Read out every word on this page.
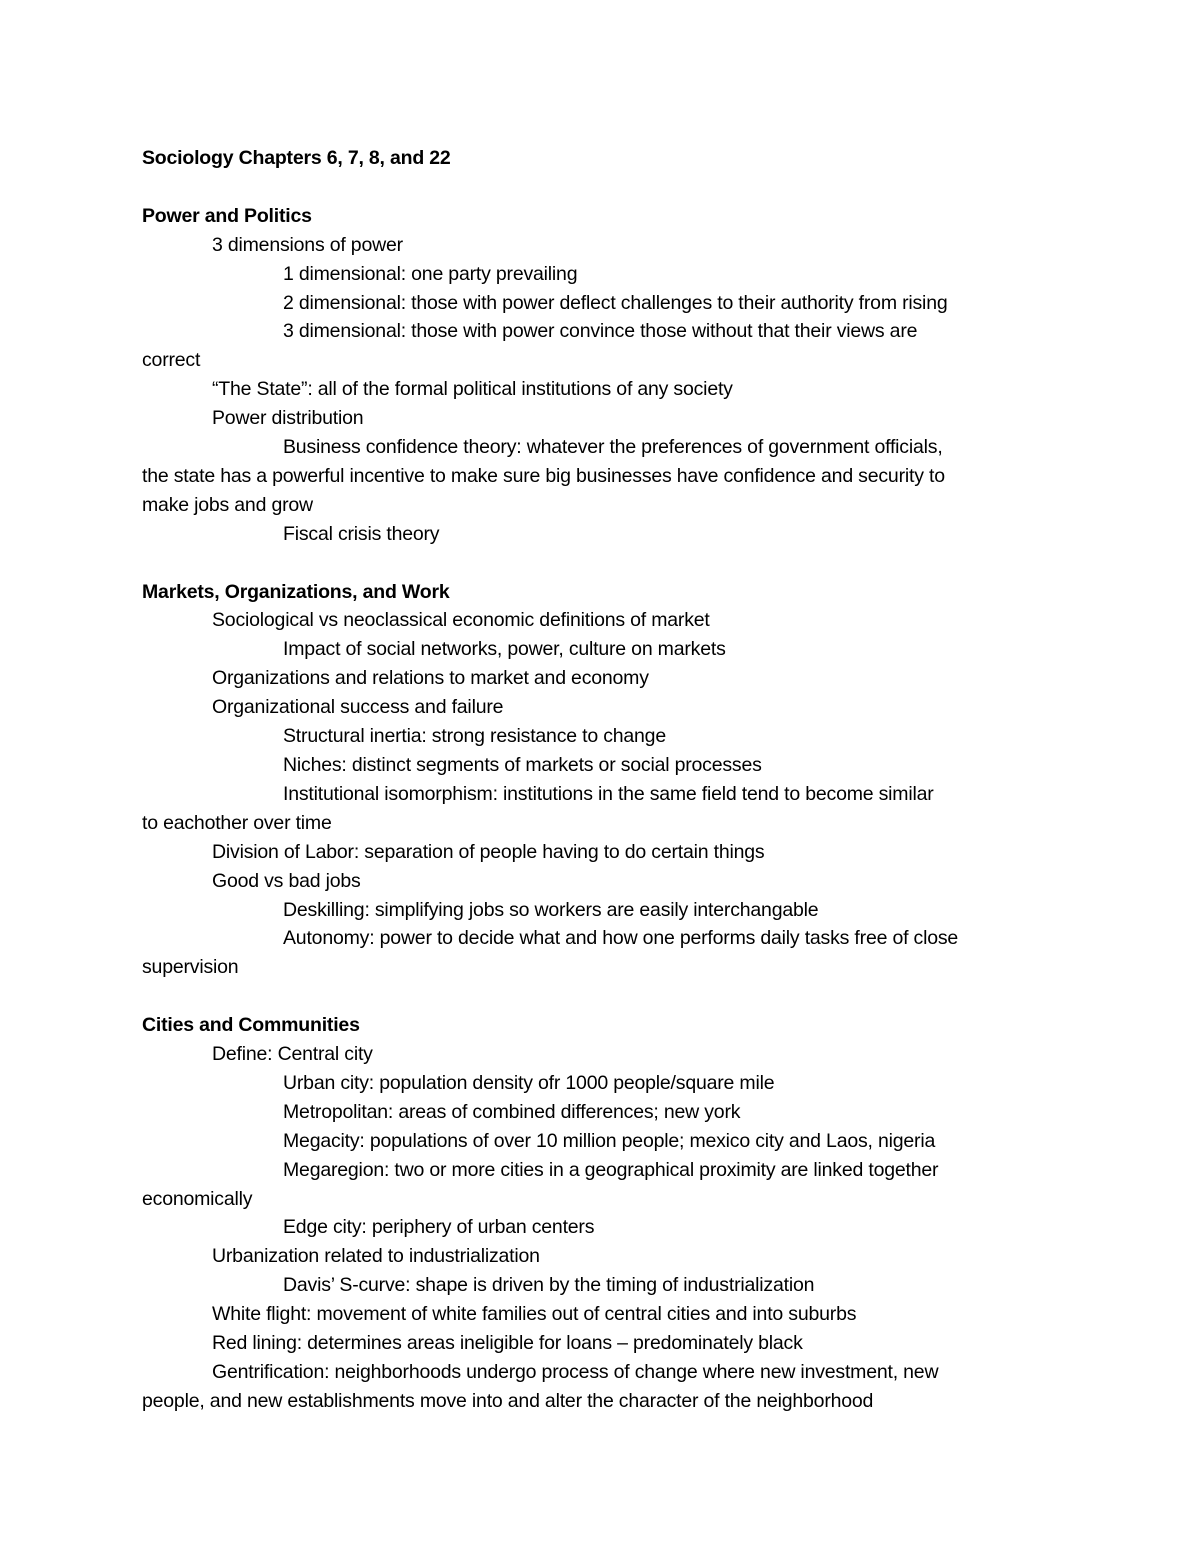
Sociology Chapters 6, 7, 8, and 22
Power and Politics
3 dimensions of power
1 dimensional: one party prevailing
2 dimensional: those with power deflect challenges to their authority from rising
3 dimensional: those with power convince those without that their views are
correct
“The State”: all of the formal political institutions of any society
Power distribution
Business confidence theory: whatever the preferences of government officials,
the state has a powerful incentive to make sure big businesses have confidence and security to
make jobs and grow
Fiscal crisis theory
Markets, Organizations, and Work
Sociological vs neoclassical economic definitions of market
Impact of social networks, power, culture on markets
Organizations and relations to market and economy
Organizational success and failure
Structural inertia: strong resistance to change
Niches: distinct segments of markets or social processes
Institutional isomorphism: institutions in the same field tend to become similar
to eachother over time
Division of Labor: separation of people having to do certain things
Good vs bad jobs
Deskilling: simplifying jobs so workers are easily interchangable
Autonomy: power to decide what and how one performs daily tasks free of close
supervision
Cities and Communities
Define: Central city
Urban city: population density ofr 1000 people/square mile
Metropolitan: areas of combined differences; new york
Megacity: populations of over 10 million people; mexico city and Laos, nigeria
Megaregion: two or more cities in a geographical proximity are linked together
economically
Edge city: periphery of urban centers
Urbanization related to industrialization
Davis’ S-curve: shape is driven by the timing of industrialization
White flight: movement of white families out of central cities and into suburbs
Red lining: determines areas ineligible for loans – predominately black
Gentrification: neighborhoods undergo process of change where new investment, new
people, and new establishments move into and alter the character of the neighborhood
